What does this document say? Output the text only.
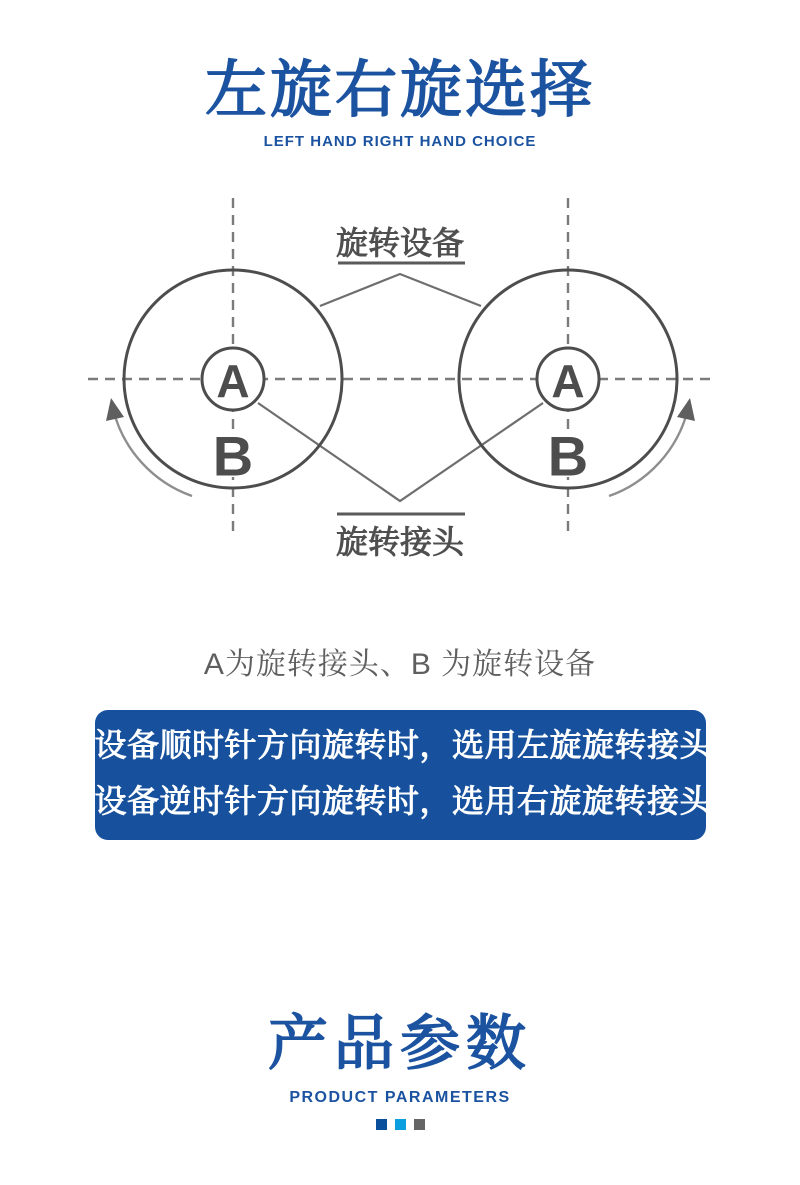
左旋右旋选择
LEFT HAND RIGHT HAND CHOICE
A	A
B	B
旋转设备
旋转接头

A为旋转接头、B 为旋转设备

设备顺时针方向旋转时，选用左旋旋转接头
设备逆时针方向旋转时，选用右旋旋转接头
产品参数
PRODUCT PARAMETERS
